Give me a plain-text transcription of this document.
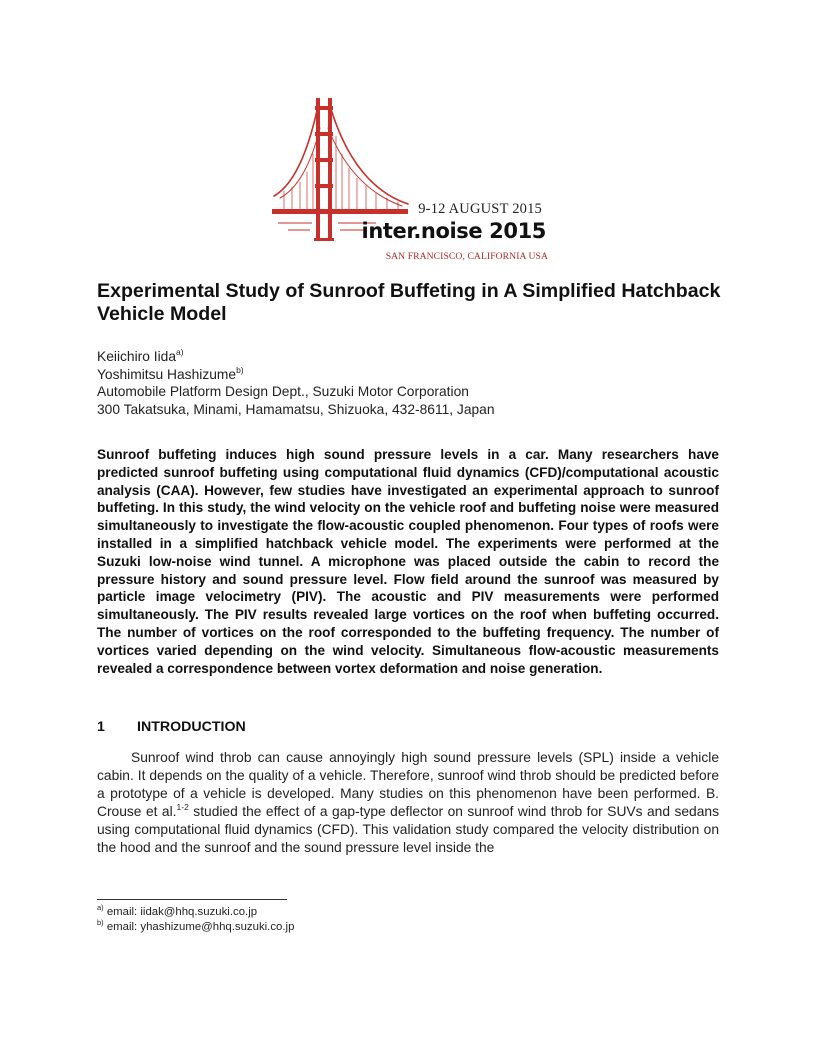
9-12 AUGUST 2015
inter.noise 2015
SAN FRANCISCO, CALIFORNIA USA
Experimental Study of Sunroof Buffeting in A Simplified Hatchback Vehicle Model
Keiichiro Iida$^{a)}$
Yoshimitsu Hashizume$^{b)}$
Automobile Platform Design Dept., Suzuki Motor Corporation
300 Takatsuka, Minami, Hamamatsu, Shizuoka, 432-8611, Japan

Sunroof buffeting induces high sound pressure levels in a car. Many researchers have predicted sunroof buffeting using computational fluid dynamics (CFD)/computational acoustic analysis (CAA). However, few studies have investigated an experimental approach to sunroof buffeting. In this study, the wind velocity on the vehicle roof and buffeting noise were measured simultaneously to investigate the flow-acoustic coupled phenomenon. Four types of roofs were installed in a simplified hatchback vehicle model. The experiments were performed at the Suzuki low-noise wind tunnel. A microphone was placed outside the cabin to record the pressure history and sound pressure level. Flow field around the sunroof was measured by particle image velocimetry (PIV). The acoustic and PIV measurements were performed simultaneously. The PIV results revealed large vortices on the roof when buffeting occurred. The number of vortices on the roof corresponded to the buffeting frequency. The number of vortices varied depending on the wind velocity. Simultaneous flow-acoustic measurements revealed a correspondence between vortex deformation and noise generation.

1 INTRODUCTION

Sunroof wind throb can cause annoyingly high sound pressure levels (SPL) inside a vehicle cabin. It depends on the quality of a vehicle. Therefore, sunroof wind throb should be predicted before a prototype of a vehicle is developed. Many studies on this phenomenon have been performed. B. Crouse et al.$^{1-2}$ studied the effect of a gap-type deflector on sunroof wind throb for SUVs and sedans using computational fluid dynamics (CFD). This validation study compared the velocity distribution on the hood and the sunroof and the sound pressure level inside the

$^{a)}$ email: iidak@hhq.suzuki.co.jp
$^{b)}$ email: yhashizume@hhq.suzuki.co.jp
